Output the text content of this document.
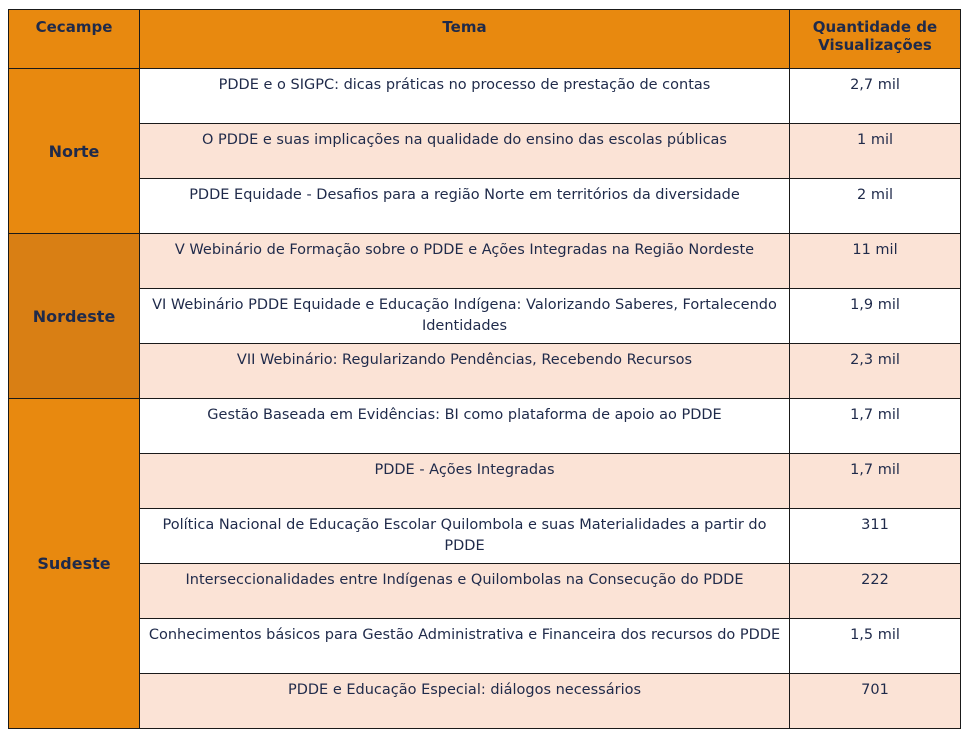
Cecampe	Tema	Quantidade de Visualizações
Norte	PDDE e o SIGPC: dicas práticas no processo de prestação de contas	2,7 mil
	O PDDE e suas implicações na qualidade do ensino das escolas públicas	1 mil
	PDDE Equidade - Desafios para a região Norte em territórios da diversidade	2 mil
Nordeste	V Webinário de Formação sobre o PDDE e Ações Integradas na Região Nordeste	11 mil
	VI Webinário PDDE Equidade e Educação Indígena: Valorizando Saberes, Fortalecendo Identidades	1,9 mil
	VII Webinário: Regularizando Pendências, Recebendo Recursos	2,3 mil
Sudeste	Gestão Baseada em Evidências: BI como plataforma de apoio ao PDDE	1,7 mil
	PDDE - Ações Integradas	1,7 mil
	Política Nacional de Educação Escolar Quilombola e suas Materialidades a partir do PDDE	311
	Interseccionalidades entre Indígenas e Quilombolas na Consecução do PDDE	222
	Conhecimentos básicos para Gestão Administrativa e Financeira dos recursos do PDDE	1,5 mil
	PDDE e Educação Especial: diálogos necessários	701
